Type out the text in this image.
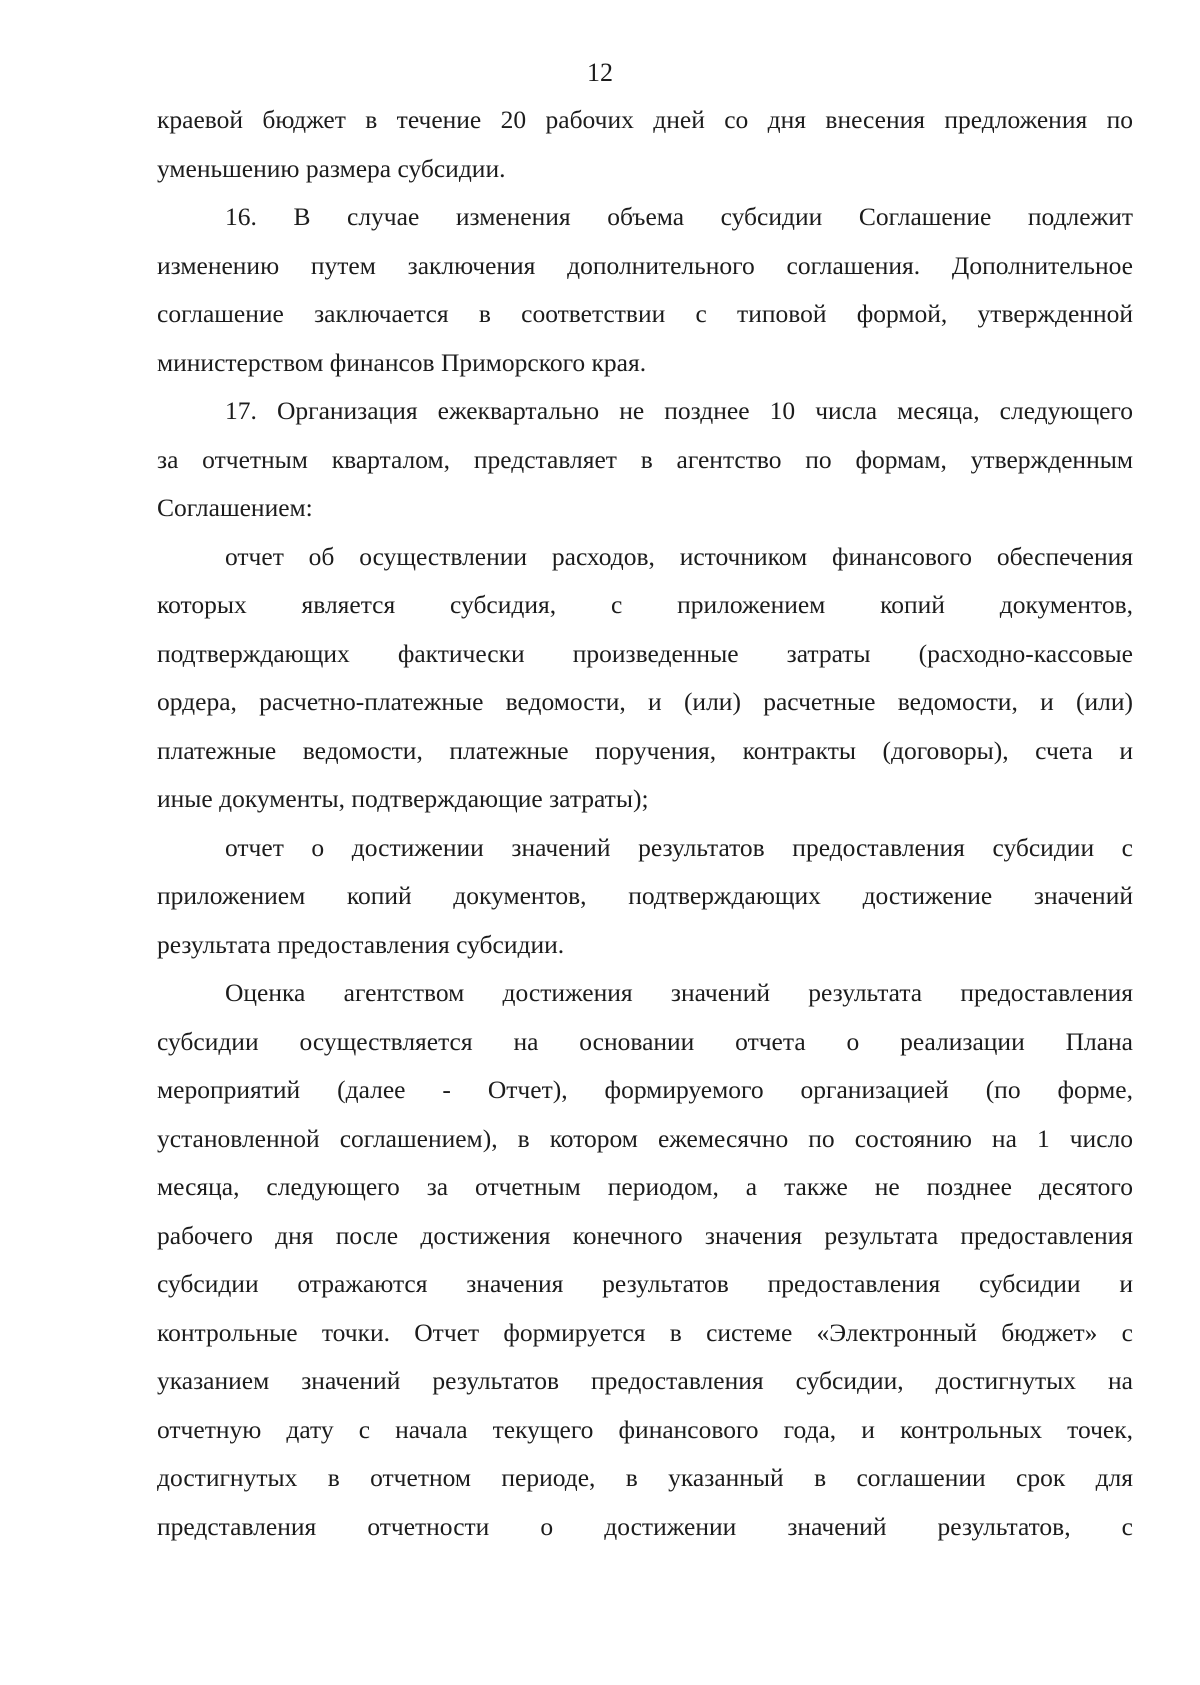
12

краевой бюджет в течение 20 рабочих дней со дня внесения предложения по

уменьшению размера субсидии.

16. В случае изменения объема субсидии Соглашение подлежит

изменению путем заключения дополнительного соглашения. Дополнительное

соглашение заключается в соответствии с типовой формой, утвержденной

министерством финансов Приморского края.

17. Организация ежеквартально не позднее 10 числа месяца, следующего

за отчетным кварталом, представляет в агентство по формам, утвержденным

Соглашением:

отчет об осуществлении расходов, источником финансового обеспечения

которых является субсидия, с приложением копий документов,

подтверждающих фактически произведенные затраты (расходно-кассовые

ордера, расчетно-платежные ведомости, и (или) расчетные ведомости, и (или)

платежные ведомости, платежные поручения, контракты (договоры), счета и

иные документы, подтверждающие затраты);

отчет о достижении значений результатов предоставления субсидии с

приложением копий документов, подтверждающих достижение значений

результата предоставления субсидии.

Оценка агентством достижения значений результата предоставления

субсидии осуществляется на основании отчета о реализации Плана

мероприятий (далее - Отчет), формируемого организацией (по форме,

установленной соглашением), в котором ежемесячно по состоянию на 1 число

месяца, следующего за отчетным периодом, а также не позднее десятого

рабочего дня после достижения конечного значения результата предоставления

субсидии отражаются значения результатов предоставления субсидии и

контрольные точки. Отчет формируется в системе «Электронный бюджет» с

указанием значений результатов предоставления субсидии, достигнутых на

отчетную дату с начала текущего финансового года, и контрольных точек,

достигнутых в отчетном периоде, в указанный в соглашении срок для

представления отчетности о достижении значений результатов, с
